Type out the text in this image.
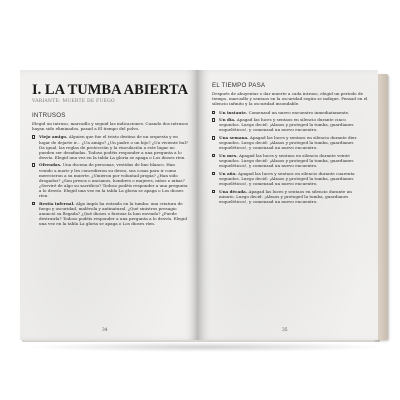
I. LA TUMBA ABIERTA
VARIANTE: MUERTE DE FUEGO
INTRUSOS

Elegid un intruso, marcadlo y seguid las indicaciones. Cuando dos intrusos hayan sido eliminados, pasad a El tiempo del polvo.

Viejo amigo. Alguien que fue el tristo destino de un orquesta y en lugar de dejarte ir... ¿Un amigo? ¿Un padre o un hijo? ¿Un viviente bul? Da igual. las reglas de protección y la vinculación a este lugar no pueden ser desafiadas. Todoso podéis responder a una pregunta a lo desvío. Elegid una vez en la tabla La gloria se apaga o Los dioses ríen.
Ofrendas. Una docena de personas, vestidas de lino blanco. Han venido a morir y les concedieron su deseo, sus cosas para ir como merecieron a su muerte. ¿Vinieron por voluntad propia? ¿Han sido drogados? ¿Son presos o ancianos, hombres o mujeres, niños o niñas? ¿Serviré de algo su sacrificio? Todoso podéis responder a una pregunta a lo desvío. Elegid una vez en la tabla La gloria se apaga o Los dioses ríen.
Bestia infernal. Algo impío ha entrado en la tumba: una criatura de fuego y oscuridad, malévola y antinatural. ¿Qué sinistros presagio anunció su llegada? ¿Qué dioses o fuerzas la han enviado? ¿Puede destruirla? Todoso podéis responder a una pregunta a lo desvío. Elegid una vez en la tabla La gloria se apaga o Los dioses ríen.
34
EL TIEMPO PASA

Después de ahuyentar o dar muerte a cada intruso, elegid un período de tiempo, marcadlo y sentaos en la oscuridad según se indique. Pensad en el silencio infinito y la oscuridad insondable.

Un instante. Comenzad un nuevo encuentro inmediatamente.
Un día. Apagad las luces y sentaos en silencio durante cinco segundos. Luego decid: ¡Alzaos y proteged la tumba, guardianes esqueléticos!, y comenzad un nuevo encuentro.
Una semana. Apagad las luces y sentaos en silencio durante diez segundos. Luego decid: ¡Alzaos y proteged la tumba, guardianes esqueléticos!, y comenzad un nuevo encuentro.
Un mes. Apagad las luces y sentaos en silencio durante veinte segundos. Luego decid: ¡Alzaos y proteged la tumba, guardianes esqueléticos!, y comenzad un nuevo encuentro.
Un año. Apagad las luces y sentaos en silencio durante cuarenta segundos. Luego decid: ¡Alzaos y proteged la tumba, guardianes esqueléticos!, y comenzad un nuevo encuentro.
Una década. Apagad las luces y sentaos en silencio durante un minuto. Luego decid: ¡Alzaos y proteged la tumba, guardianes esqueléticos!, y comenzad un nuevo encuentro.
35
